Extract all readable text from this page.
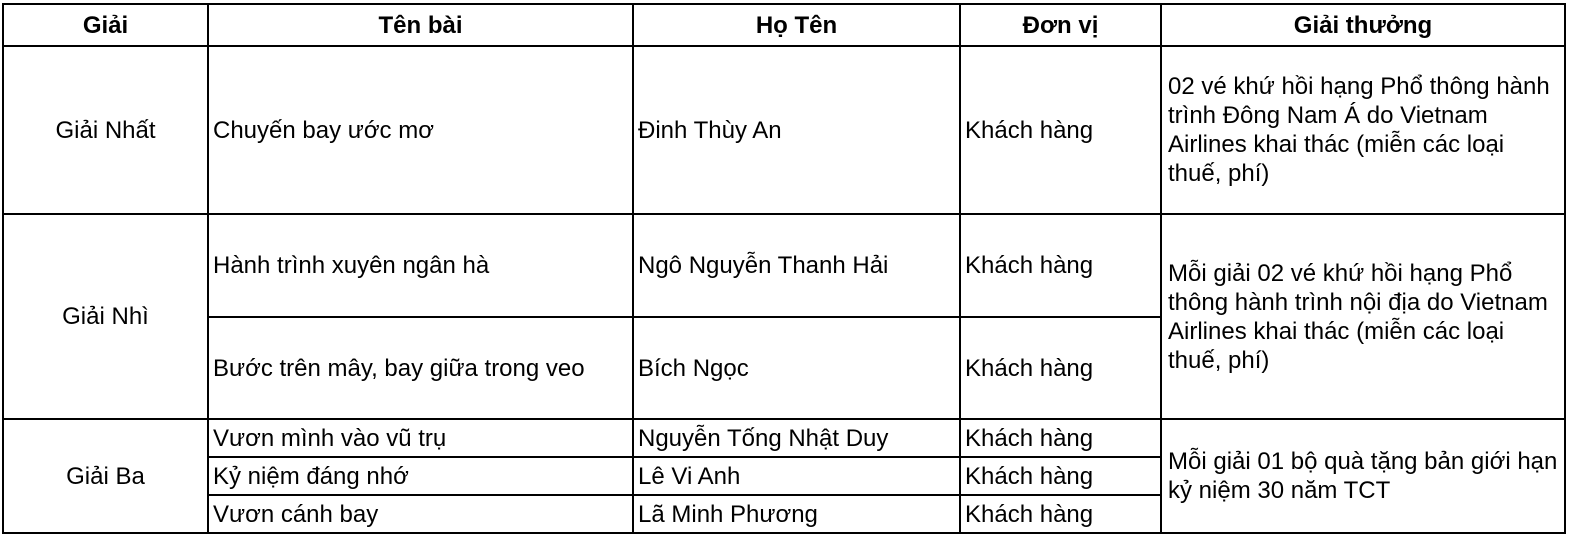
Giải	Tên bài	Họ Tên	Đơn vị	Giải thưởng
Giải Nhất	Chuyến bay ước mơ	Đinh Thùy An	Khách hàng	02 vé khứ hồi hạng Phổ thông hành trình Đông Nam Á do Vietnam Airlines khai thác (miễn các loại thuế, phí)
Giải Nhì	Hành trình xuyên ngân hà	Ngô Nguyễn Thanh Hải	Khách hàng	Mỗi giải 02 vé khứ hồi hạng Phổ thông hành trình nội địa do Vietnam Airlines khai thác (miễn các loại thuế, phí)
	Bước trên mây, bay giữa trong veo	Bích Ngọc	Khách hàng	
Giải Ba	Vươn mình vào vũ trụ	Nguyễn Tống Nhật Duy	Khách hàng	Mỗi giải 01 bộ quà tặng bản giới hạn kỷ niệm 30 năm TCT
	Kỷ niệm đáng nhớ	Lê Vi Anh	Khách hàng	
	Vươn cánh bay	Lã Minh Phương	Khách hàng	
